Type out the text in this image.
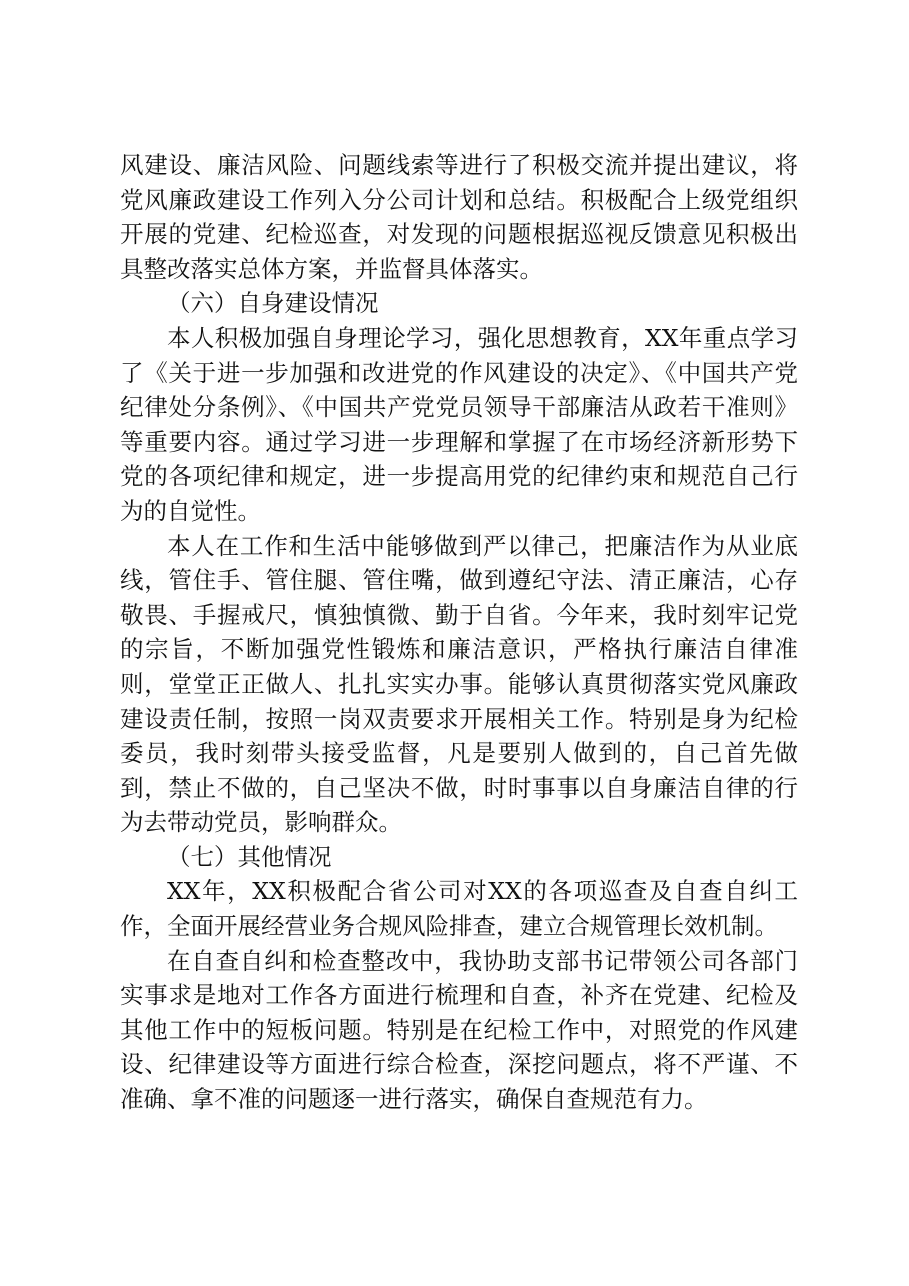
风建设、廉洁风险、问题线索等进行了积极交流并提出建议，将党风廉政建设工作列入分公司计划和总结。积极配合上级党组织开展的党建、纪检巡查，对发现的问题根据巡视反馈意见积极出具整改落实总体方案，并监督具体落实。

（六）自身建设情况

本人积极加强自身理论学习，强化思想教育，XX年重点学习了《关于进一步加强和改进党的作风建设的决定》、《中国共产党纪律处分条例》、《中国共产党党员领导干部廉洁从政若干准则》等重要内容。通过学习进一步理解和掌握了在市场经济新形势下党的各项纪律和规定，进一步提高用党的纪律约束和规范自己行为的自觉性。

本人在工作和生活中能够做到严以律己，把廉洁作为从业底线，管住手、管住腿、管住嘴，做到遵纪守法、清正廉洁，心存敬畏、手握戒尺，慎独慎微、勤于自省。今年来，我时刻牢记党的宗旨，不断加强党性锻炼和廉洁意识，严格执行廉洁自律准则，堂堂正正做人、扎扎实实办事。能够认真贯彻落实党风廉政建设责任制，按照一岗双责要求开展相关工作。特别是身为纪检委员，我时刻带头接受监督，凡是要别人做到的，自己首先做到，禁止不做的，自己坚决不做，时时事事以自身廉洁自律的行为去带动党员，影响群众。

（七）其他情况

XX年，XX积极配合省公司对XX的各项巡查及自查自纠工作，全面开展经营业务合规风险排查，建立合规管理长效机制。

在自查自纠和检查整改中，我协助支部书记带领公司各部门实事求是地对工作各方面进行梳理和自查，补齐在党建、纪检及其他工作中的短板问题。特别是在纪检工作中，对照党的作风建设、纪律建设等方面进行综合检查，深挖问题点，将不严谨、不准确、拿不准的问题逐一进行落实，确保自查规范有力。
